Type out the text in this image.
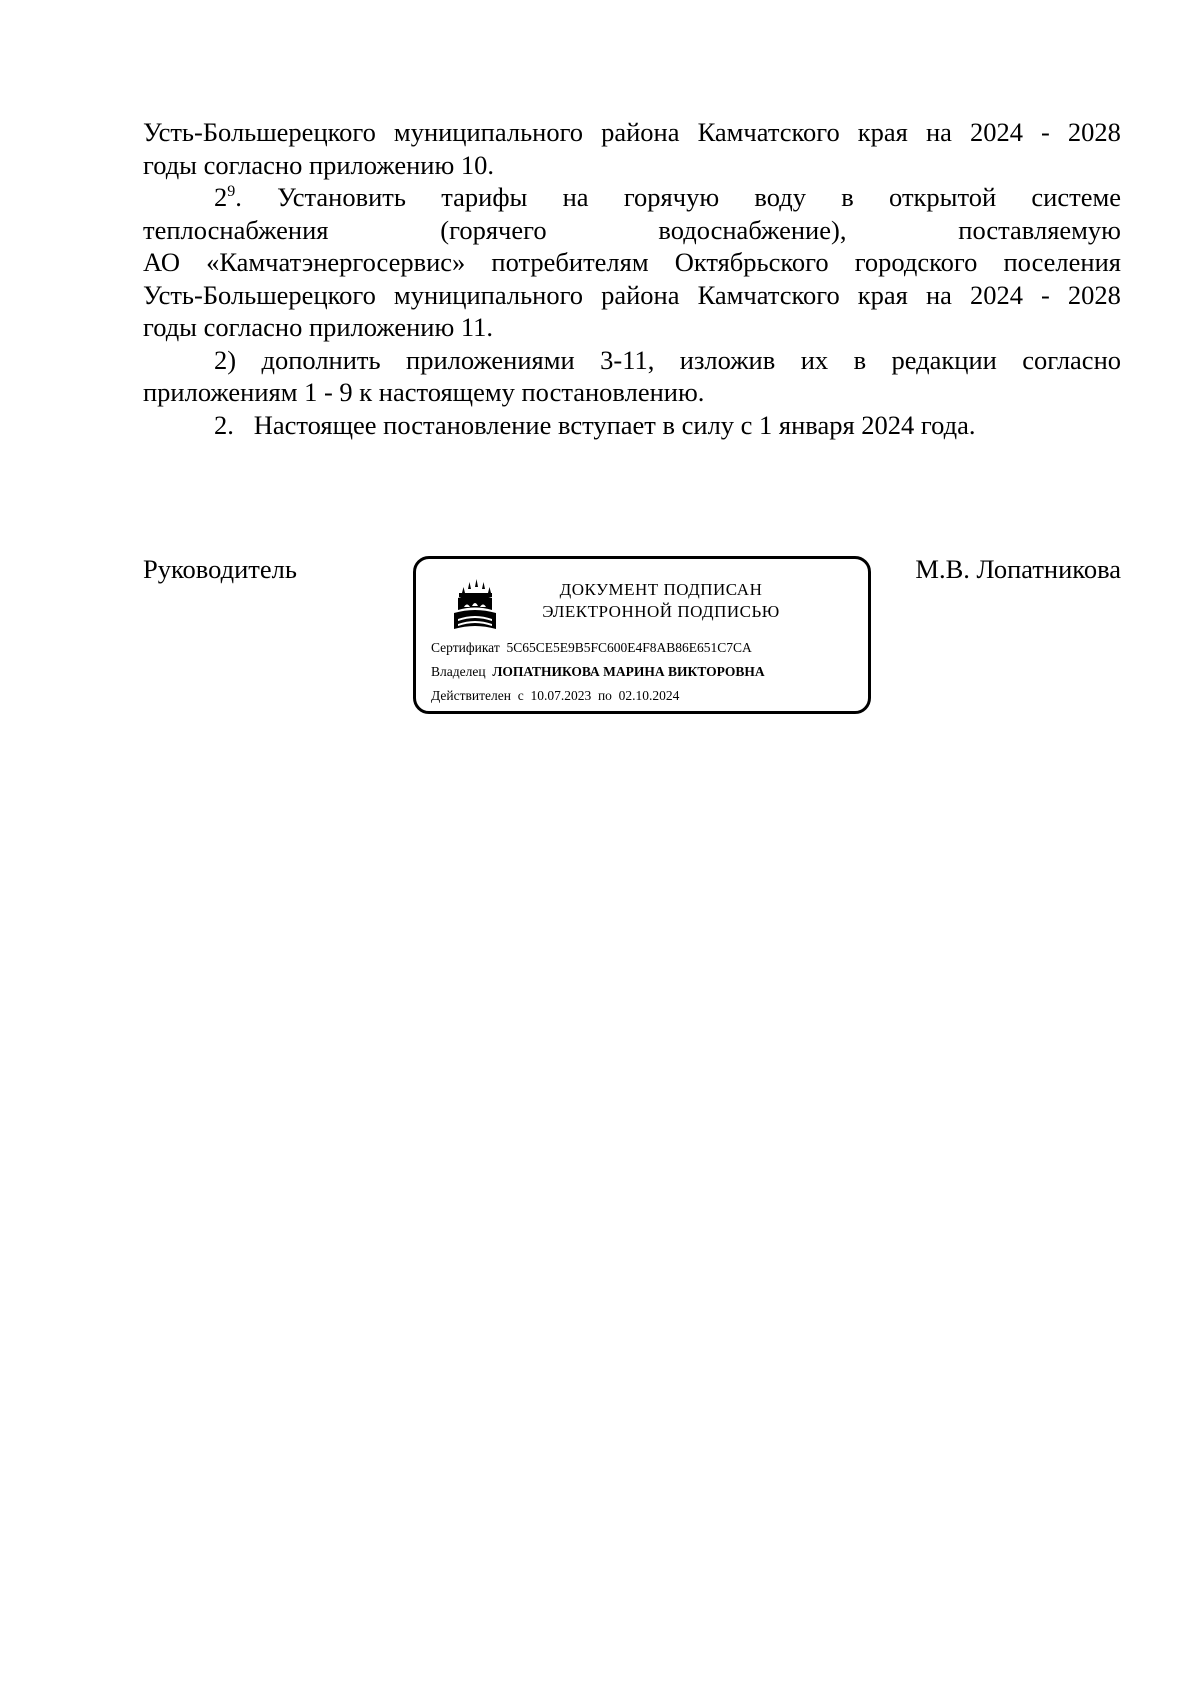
Усть-Большерецкого муниципального района Камчатского края на 2024 - 2028
годы согласно приложению 10.
$2^9$. Установить тарифы на горячую воду в открытой системе
теплоснабжения	(горячего	водоснабжение),	поставляемую
АО «Камчатэнергосервис» потребителям Октябрьского городского поселения
Усть-Большерецкого муниципального района Камчатского края на 2024 - 2028
годы согласно приложению 11.
2) дополнить приложениями 3-11, изложив их в редакции согласно
приложениям 1 - 9 к настоящему постановлению.
2. Настоящее постановление вступает в силу с 1 января 2024 года.
Руководитель	М.В. Лопатникова
ДОКУМЕНТ ПОДПИСАН
ЭЛЕКТРОННОЙ ПОДПИСЬЮ
Сертификат 5C65CE5E9B5FC600E4F8AB86E651C7CA
Владелец ЛОПАТНИКОВА МАРИНА ВИКТОРОВНА
Действителен с 10.07.2023 по 02.10.2024
